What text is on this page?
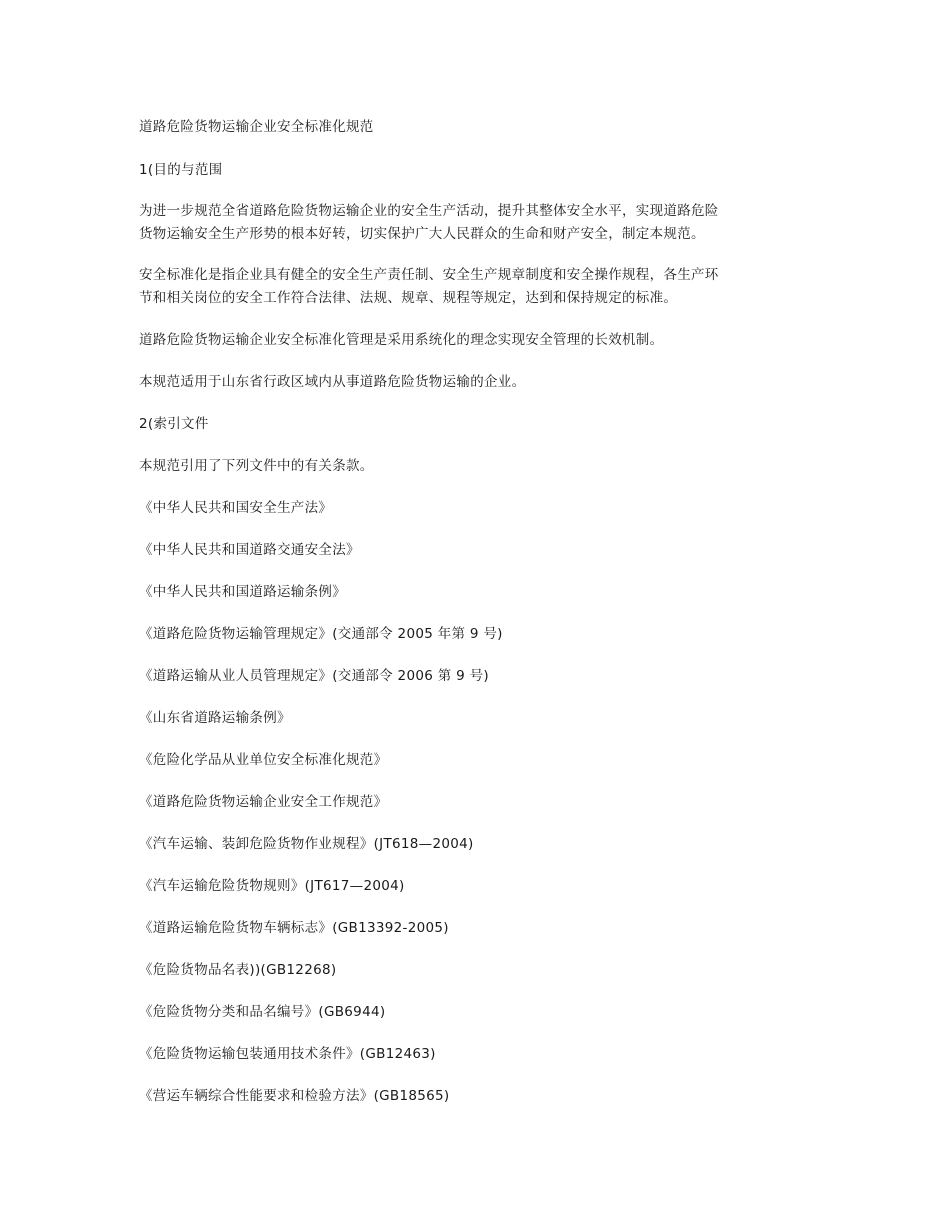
道路危险货物运输企业安全标准化规范
1(目的与范围
为进一步规范全省道路危险货物运输企业的安全生产活动，提升其整体安全水平，实现道路危险
货物运输安全生产形势的根本好转，切实保护广大人民群众的生命和财产安全，制定本规范。
安全标准化是指企业具有健全的安全生产责任制、安全生产规章制度和安全操作规程，各生产环
节和相关岗位的安全工作符合法律、法规、规章、规程等规定，达到和保持规定的标准。
道路危险货物运输企业安全标准化管理是采用系统化的理念实现安全管理的长效机制。
本规范适用于山东省行政区域内从事道路危险货物运输的企业。
2(索引文件
本规范引用了下列文件中的有关条款。
《中华人民共和国安全生产法》
《中华人民共和国道路交通安全法》
《中华人民共和国道路运输条例》
《道路危险货物运输管理规定》(交通部令 2005 年第 9 号)
《道路运输从业人员管理规定》(交通部令 2006 第 9 号)
《山东省道路运输条例》
《危险化学品从业单位安全标准化规范》
《道路危险货物运输企业安全工作规范》
《汽车运输、装卸危险货物作业规程》(JT618—2004)
《汽车运输危险货物规则》(JT617—2004)
《道路运输危险货物车辆标志》(GB13392-2005)
《危险货物品名表))(GB12268)
《危险货物分类和品名编号》(GB6944)
《危险货物运输包装通用技术条件》(GB12463)
《营运车辆综合性能要求和检验方法》(GB18565)
